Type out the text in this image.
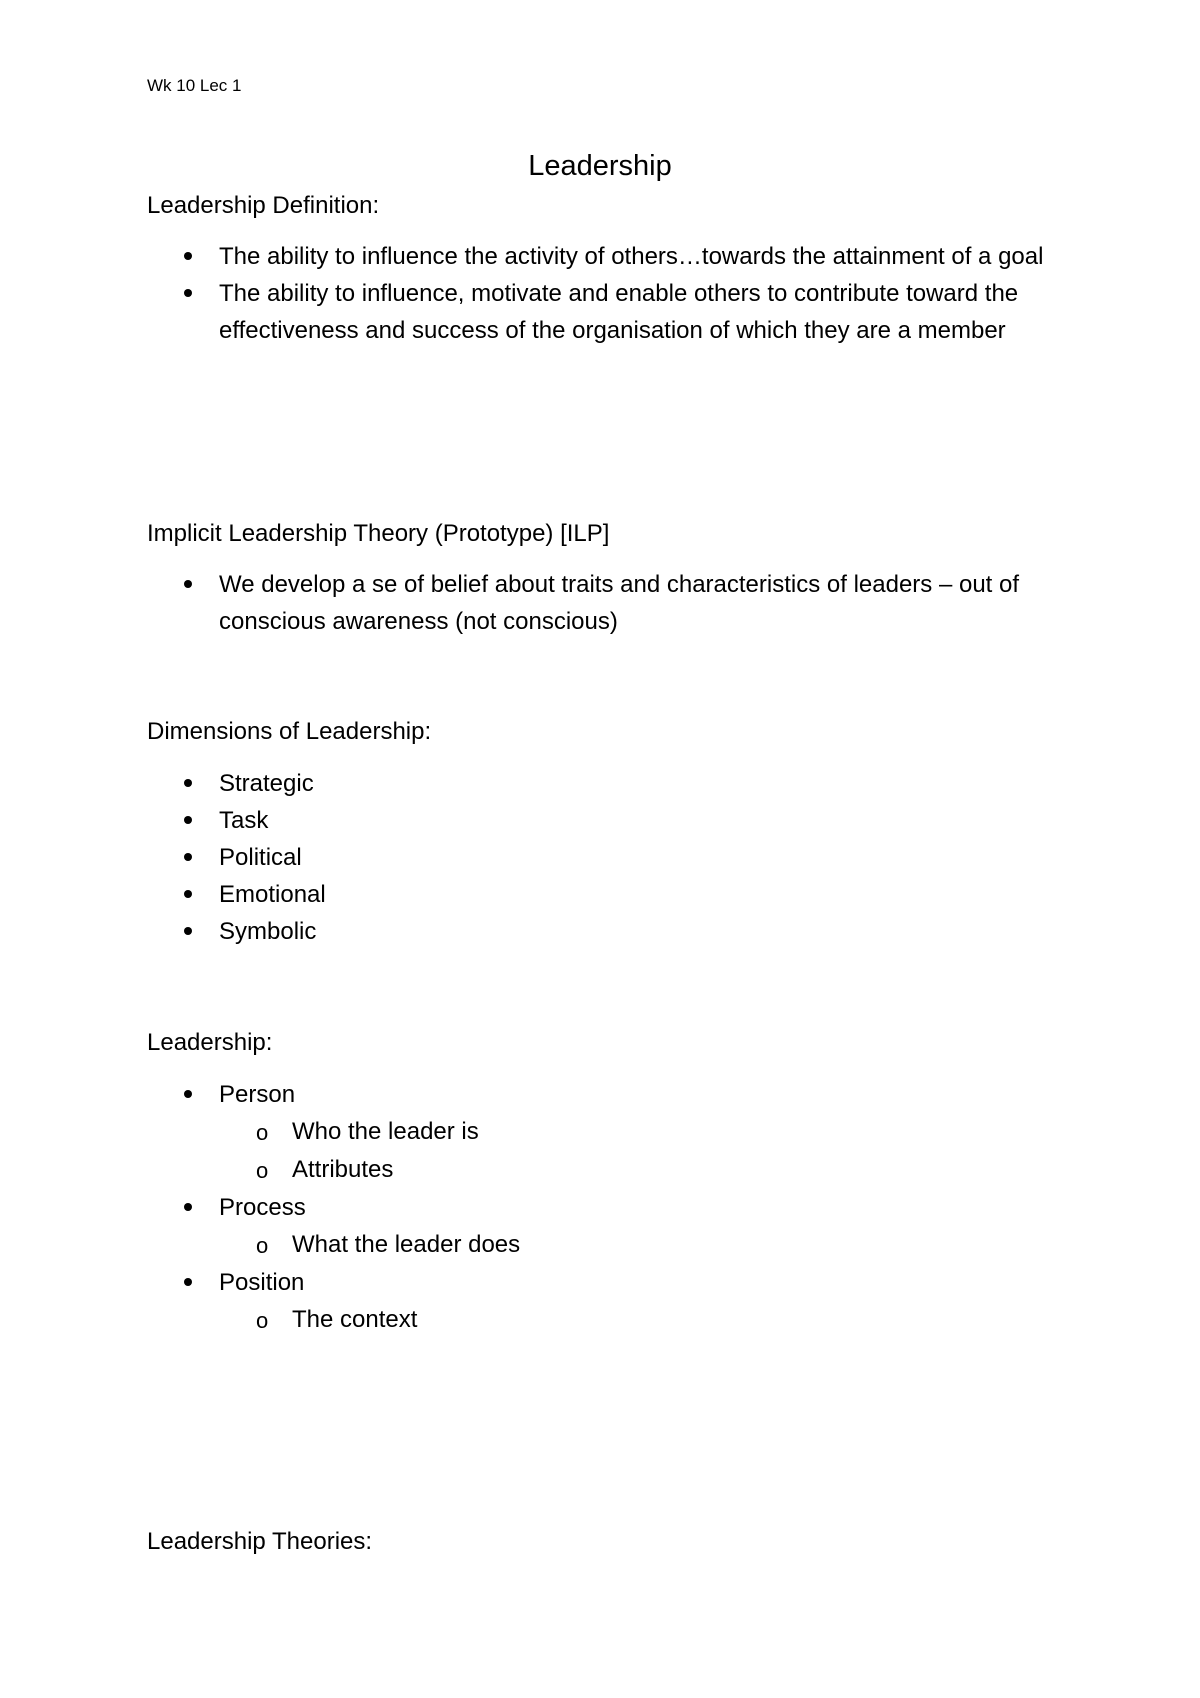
Wk 10 Lec 1
Leadership
Leadership Definition:
The ability to influence the activity of others…towards the attainment of a goal
The ability to influence, motivate and enable others to contribute toward the effectiveness and success of the organisation of which they are a member
Implicit Leadership Theory (Prototype) [ILP]
We develop a se of belief about traits and characteristics of leaders – out of conscious awareness (not conscious)
Dimensions of Leadership:
Strategic
Task
Political
Emotional
Symbolic
Leadership:
Person
o Who the leader is
o Attributes
Process
o What the leader does
Position
o The context
Leadership Theories:
